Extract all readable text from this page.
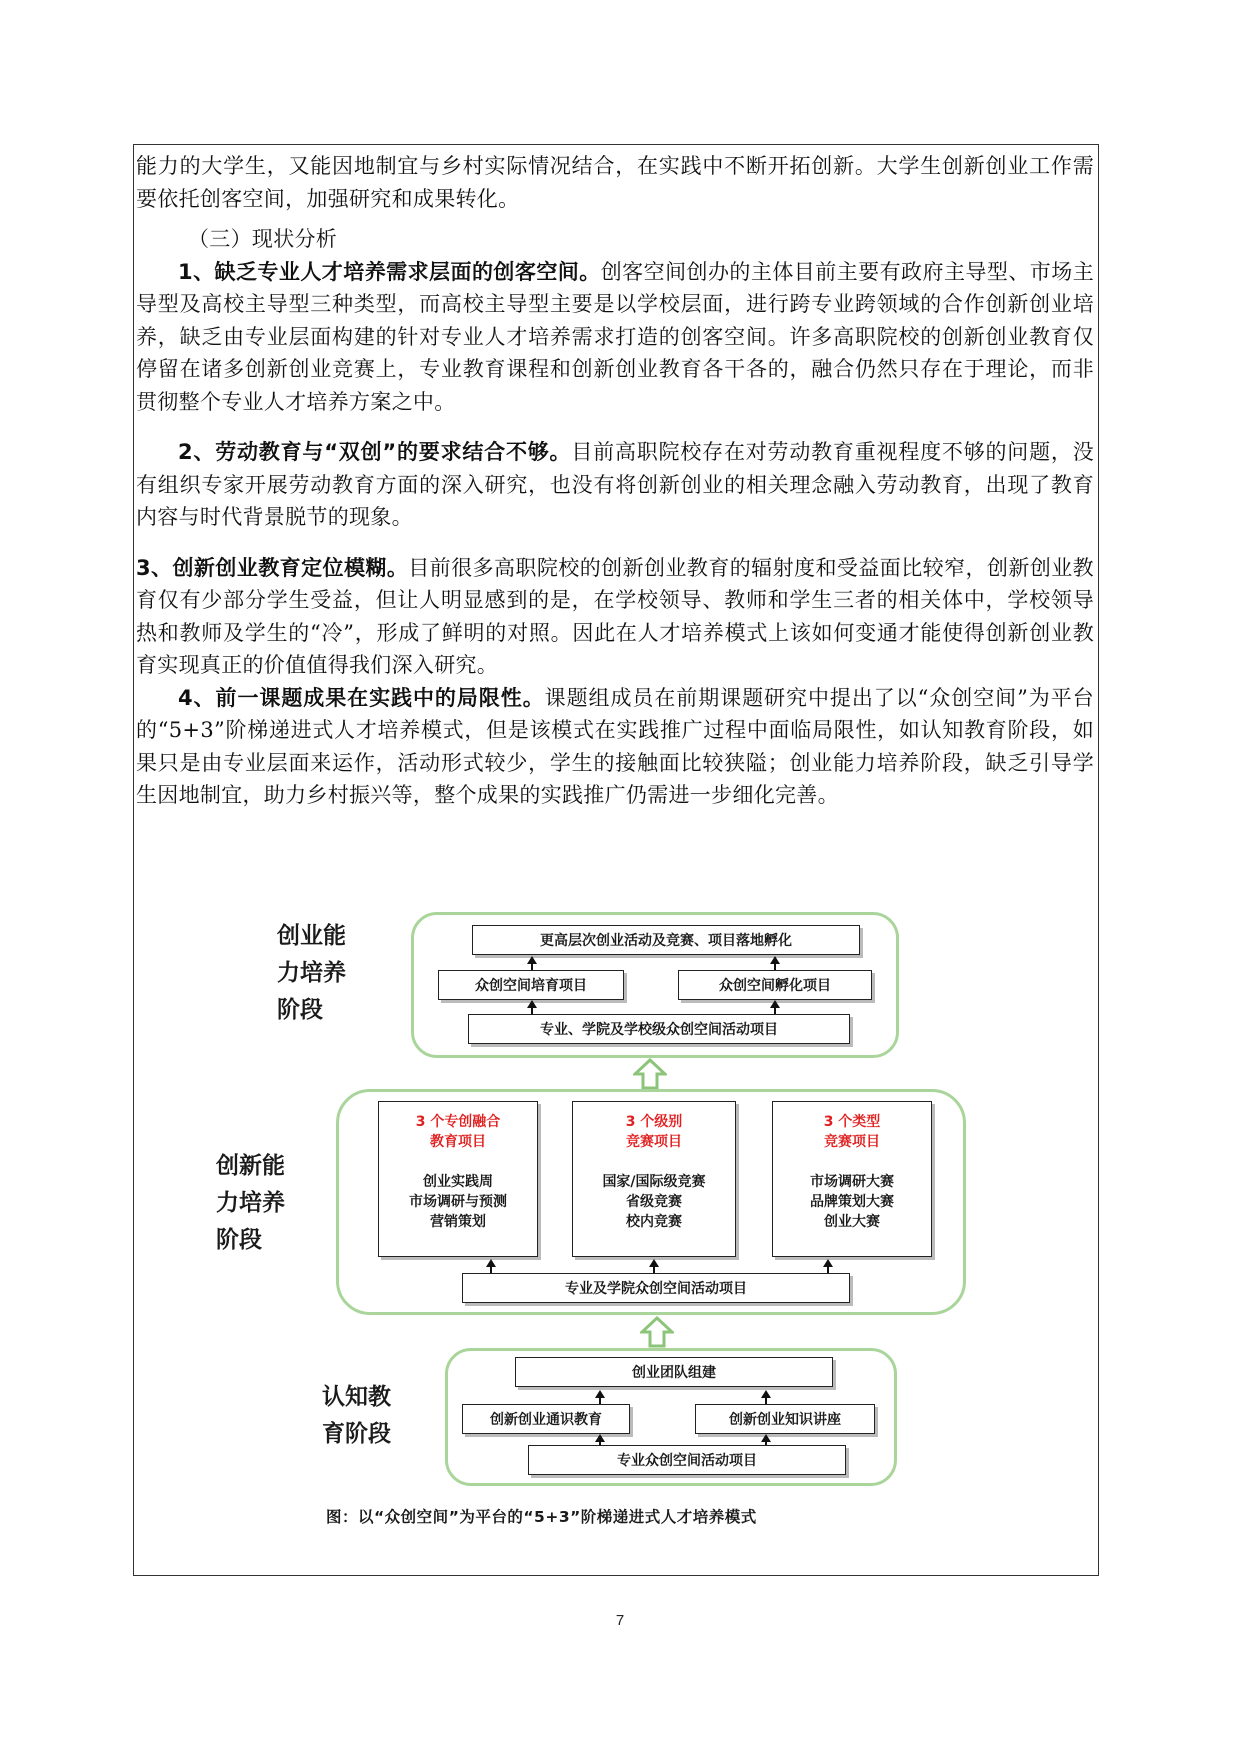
能力的大学生，又能因地制宜与乡村实际情况结合，在实践中不断开拓创新。大学生创新创业工作需要依托创客空间，加强研究和成果转化。

（三）现状分析

1、缺乏专业人才培养需求层面的创客空间。创客空间创办的主体目前主要有政府主导型、市场主导型及高校主导型三种类型，而高校主导型主要是以学校层面，进行跨专业跨领域的合作创新创业培养，缺乏由专业层面构建的针对专业人才培养需求打造的创客空间。许多高职院校的创新创业教育仅停留在诸多创新创业竞赛上，专业教育课程和创新创业教育各干各的，融合仍然只存在于理论，而非贯彻整个专业人才培养方案之中。

2、劳动教育与“双创”的要求结合不够。目前高职院校存在对劳动教育重视程度不够的问题，没有组织专家开展劳动教育方面的深入研究，也没有将创新创业的相关理念融入劳动教育，出现了教育内容与时代背景脱节的现象。

3、创新创业教育定位模糊。目前很多高职院校的创新创业教育的辐射度和受益面比较窄，创新创业教育仅有少部分学生受益，但让人明显感到的是，在学校领导、教师和学生三者的相关体中，学校领导热和教师及学生的“冷”，形成了鲜明的对照。因此在人才培养模式上该如何变通才能使得创新创业教育实现真正的价值值得我们深入研究。

4、前一课题成果在实践中的局限性。课题组成员在前期课题研究中提出了以“众创空间”为平台的“5+3”阶梯递进式人才培养模式，但是该模式在实践推广过程中面临局限性，如认知教育阶段，如果只是由专业层面来运作，活动形式较少，学生的接触面比较狭隘；创业能力培养阶段，缺乏引导学生因地制宜，助力乡村振兴等，整个成果的实践推广仍需进一步细化完善。

创业能
力培养
阶段
更高层次创业活动及竞赛、项目落地孵化
众创空间培育项目	众创空间孵化项目
专业、学院及学校级众创空间活动项目
创新能
力培养
阶段
3 个专创融合
教育项目
创业实践周
市场调研与预测
营销策划
3 个级别
竞赛项目
国家/国际级竞赛
省级竞赛
校内竞赛
3 个类型
竞赛项目
市场调研大赛
品牌策划大赛
创业大赛
专业及学院众创空间活动项目
认知教
育阶段
创业团队组建
创新创业通识教育	创新创业知识讲座
专业众创空间活动项目
图：以“众创空间”为平台的“5+3”阶梯递进式人才培养模式
7
